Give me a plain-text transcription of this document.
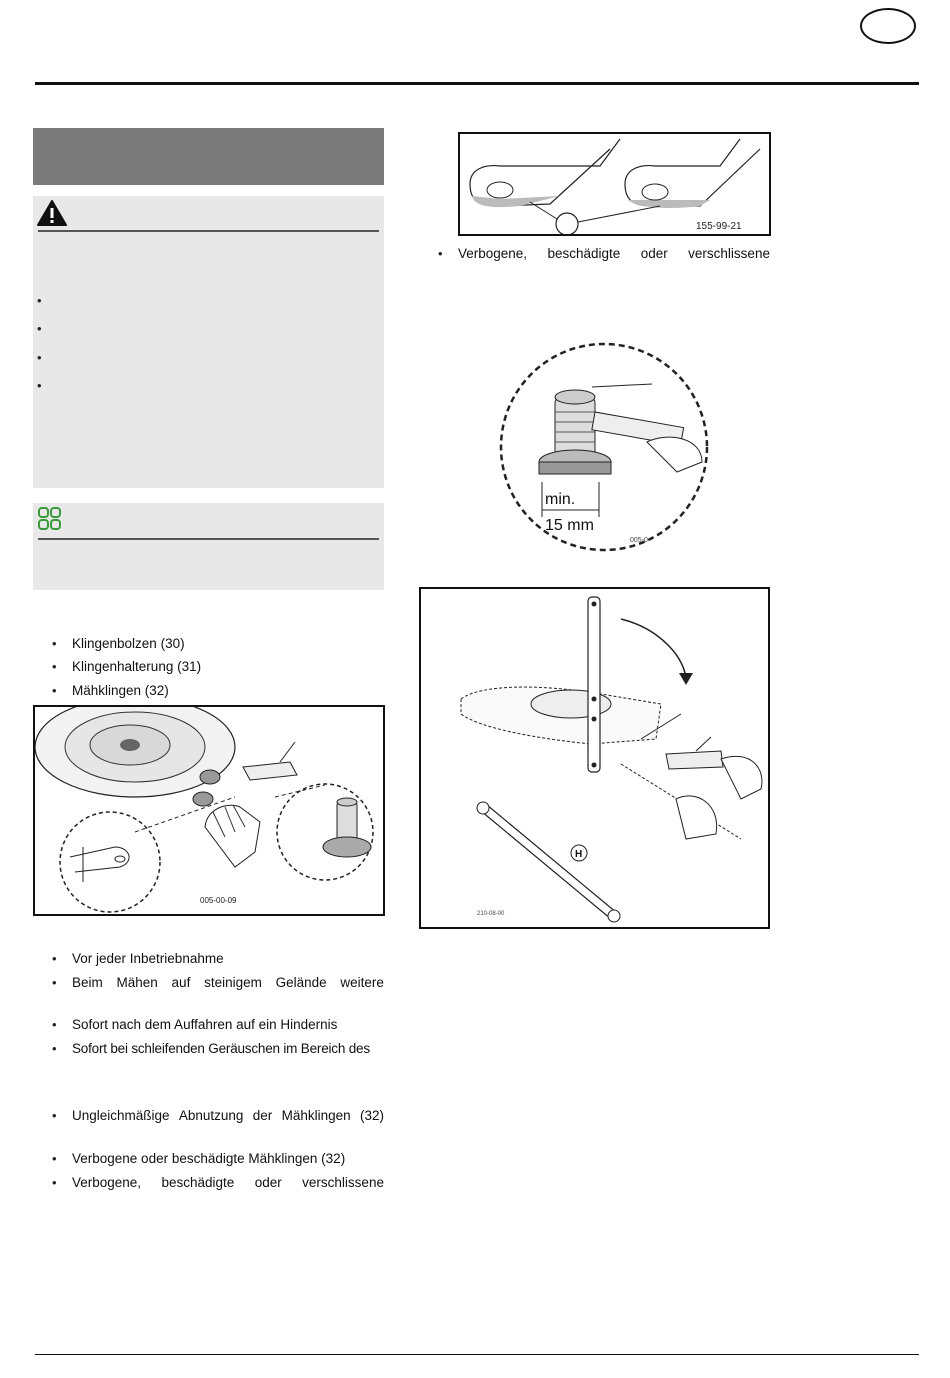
•
•
•
•
• Klingenbolzen (30)
• Klingenhalterung (31)
• Mähklingen (32)
005-00-09
• Vor jeder Inbetriebnahme
• Beim Mähen auf steinigem Gelände weitere
• Sofort nach dem Auffahren auf ein Hindernis
• Sofort bei schleifenden Geräuschen im Bereich des
• Ungleichmäßige Abnutzung der Mähklingen (32)
• Verbogene oder beschädigte Mähklingen (32)
• Verbogene, beschädigte oder verschlissene
155-99-21
• Verbogene, beschädigte oder verschlissene
min.
15 mm
005-0
H
210-08-00
